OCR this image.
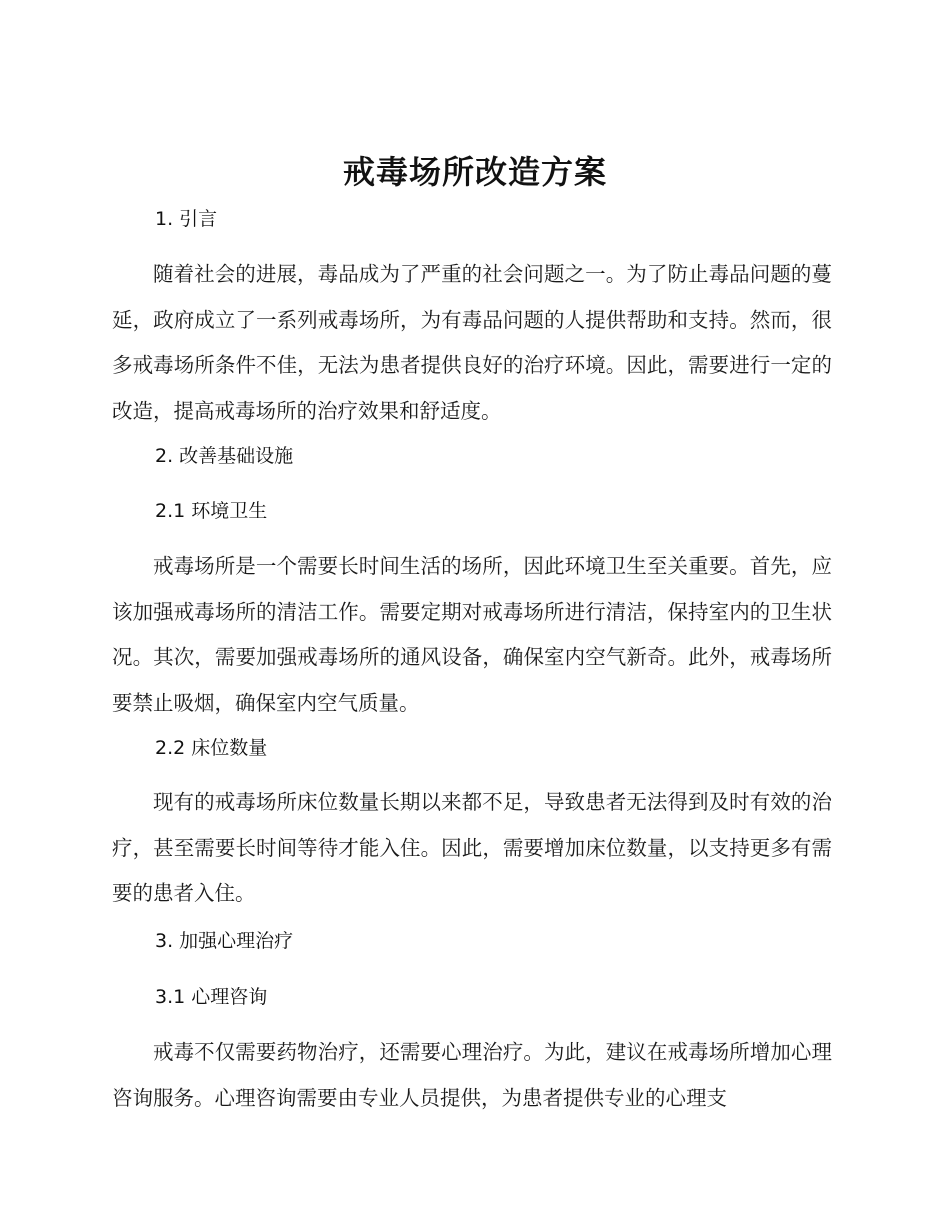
戒毒场所改造方案
1. 引言

随着社会的进展，毒品成为了严重的社会问题之一。为了防止毒品问题的蔓延，政府成立了一系列戒毒场所，为有毒品问题的人提供帮助和支持。然而，很多戒毒场所条件不佳，无法为患者提供良好的治疗环境。因此，需要进行一定的改造，提高戒毒场所的治疗效果和舒适度。

2. 改善基础设施
2.1 环境卫生

戒毒场所是一个需要长时间生活的场所，因此环境卫生至关重要。首先，应该加强戒毒场所的清洁工作。需要定期对戒毒场所进行清洁，保持室内的卫生状况。其次，需要加强戒毒场所的通风设备，确保室内空气新奇。此外，戒毒场所要禁止吸烟，确保室内空气质量。

2.2 床位数量

现有的戒毒场所床位数量长期以来都不足，导致患者无法得到及时有效的治疗，甚至需要长时间等待才能入住。因此，需要增加床位数量，以支持更多有需要的患者入住。

3. 加强心理治疗
3.1 心理咨询

戒毒不仅需要药物治疗，还需要心理治疗。为此，建议在戒毒场所增加心理咨询服务。心理咨询需要由专业人员提供，为患者提供专业的心理支
